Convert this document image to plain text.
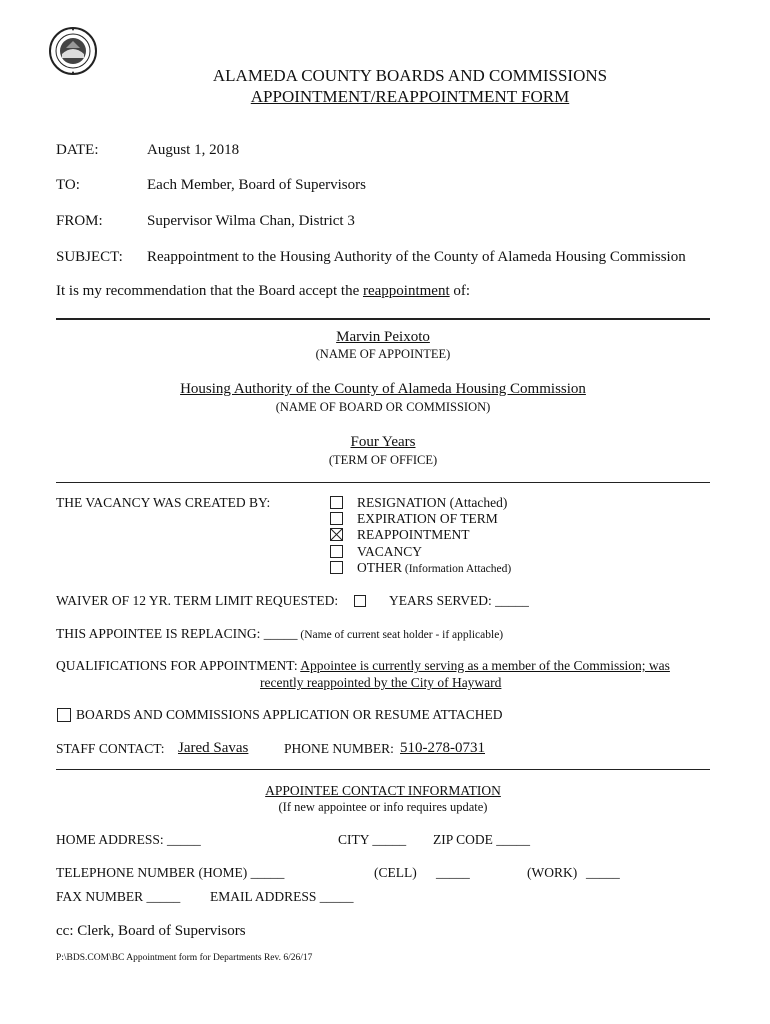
ALAMEDA COUNTY BOARDS AND COMMISSIONS
APPOINTMENT/REAPPOINTMENT FORM
DATE:	August 1, 2018
TO:	Each Member, Board of Supervisors
FROM:	Supervisor Wilma Chan, District 3
SUBJECT: Reappointment to the Housing Authority of the County of Alameda Housing Commission
It is my recommendation that the Board accept the reappointment of:
Marvin Peixoto
(NAME OF APPOINTEE)
Housing Authority of the County of Alameda Housing Commission
(NAME OF BOARD OR COMMISSION)
Four Years
(TERM OF OFFICE)
THE VACANCY WAS CREATED BY:	RESIGNATION (Attached)
EXPIRATION OF TERM
REAPPOINTMENT
VACANCY
OTHER (Information Attached)
WAIVER OF 12 YR. TERM LIMIT REQUESTED:	YEARS SERVED: _____
THIS APPOINTEE IS REPLACING: _____ (Name of current seat holder - if applicable)
QUALIFICATIONS FOR APPOINTMENT: Appointee is currently serving as a member of the Commission; was
recently reappointed by the City of Hayward
BOARDS AND COMMISSIONS APPLICATION OR RESUME ATTACHED
STAFF CONTACT: Jared Savas	PHONE NUMBER: 510-278-0731
APPOINTEE CONTACT INFORMATION
(If new appointee or info requires update)
HOME ADDRESS: _____	CITY _____ ZIP CODE _____
TELEPHONE NUMBER (HOME) _____	(CELL) _____	(WORK) _____
FAX NUMBER _____ EMAIL ADDRESS _____
cc: Clerk, Board of Supervisors
P:\BDS.COM\BC Appointment form for Departments Rev. 6/26/17
